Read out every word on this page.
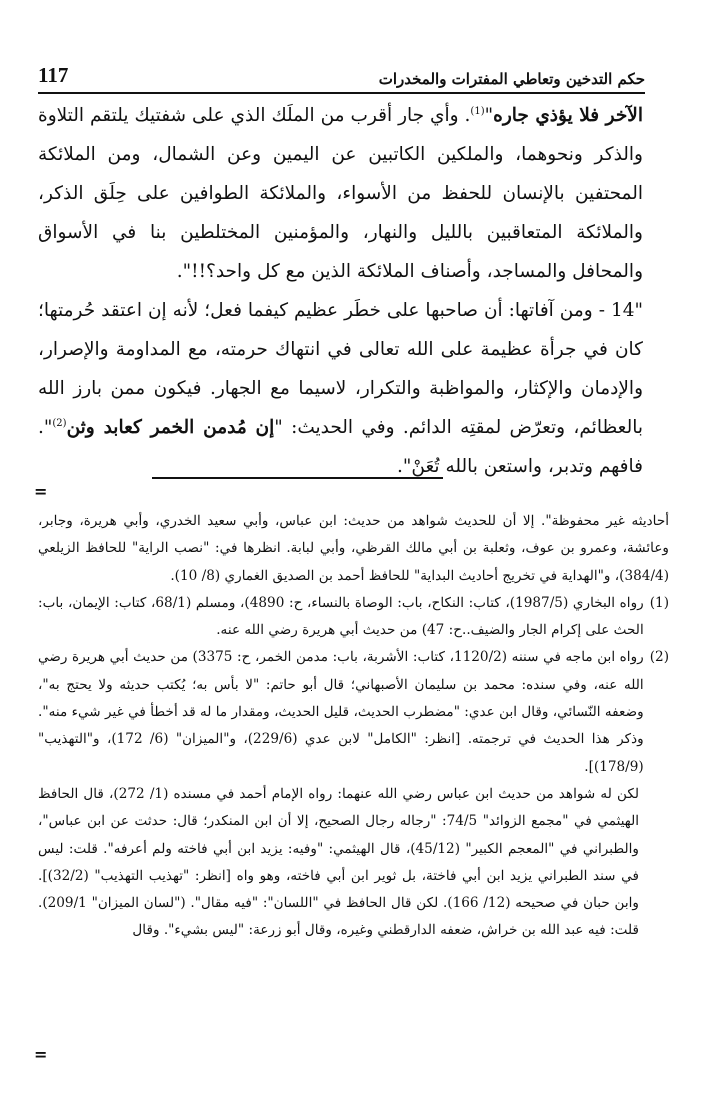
حكم التدخين وتعاطي المفترات والمخدرات
117

الآخر فلا يؤذي جاره"$^{(1)}$. وأي جار أقرب من الملَك الذي على شفتيك يلتقم التلاوة والذكر ونحوهما، والملكين الكاتبين عن اليمين وعن الشمال، ومن الملائكة المحتفين بالإنسان للحفظ من الأسواء، والملائكة الطوافين على حِلَق الذكر، والملائكة المتعاقبين بالليل والنهار، والمؤمنين المختلطين بنا في الأسواق والمحافل والمساجد، وأصناف الملائكة الذين مع كل واحد؟!!".

"14 - ومن آفاتها: أن صاحبها على خطَر عظيم كيفما فعل؛ لأنه إن اعتقد حُرمتها؛ كان في جرأة عظيمة على الله تعالى في انتهاك حرمته، مع المداومة والإصرار، والإدمان والإكثار، والمواظبة والتكرار، لاسيما مع الجهار. فيكون ممن بارز الله بالعظائم، وتعرّض لمقتِه الدائم. وفي الحديث: "إن مُدمن الخمر كعابد وثن$^{(2)}$". فافهم وتدبر، واستعن بالله تُعَنْ".

=

أحاديثه غير محفوظة". إلا أن للحديث شواهد من حديث: ابن عباس، وأبي سعيد الخدري، وأبي هريرة، وجابر، وعائشة، وعمرو بن عوف، وثعلبة بن أبي مالك القرظي، وأبي لبابة. انظرها في: "نصب الراية" للحافظ الزيلعي (384/4)، و"الهداية في تخريج أحاديث البداية" للحافظ أحمد بن الصديق الغماري (8/ 10).

(1)
رواه البخاري (1987/5)، كتاب: النكاح، باب: الوصاة بالنساء، ح: 4890)، ومسلم (68/1، كتاب: الإيمان، باب: الحث على إكرام الجار والضيف..ح: 47) من حديث أبي هريرة رضي الله عنه.
(2)
رواه ابن ماجه في سننه (1120/2، كتاب: الأشربة، باب: مدمن الخمر، ح: 3375) من حديث أبي هريرة رضي الله عنه، وفي سنده: محمد بن سليمان الأصبهاني؛ قال أبو حاتم: "لا بأس به؛ يُكتب حديثه ولا يحتج به"، وضعفه النّسائي، وقال ابن عدي: "مضطرب الحديث، قليل الحديث، ومقدار ما له قد أخطأ في غير شيء منه". وذكر هذا الحديث في ترجمته. [انظر: "الكامل" لابن عدي (229/6)، و"الميزان" (6/ 172)، و"التهذيب" (178/9)].

لكن له شواهد من حديث ابن عباس رضي الله عنهما: رواه الإمام أحمد في مسنده (1/ 272)، قال الحافظ الهيثمي في "مجمع الزوائد" 74/5: "رجاله رجال الصحيح، إلا أن ابن المنكدر؛ قال: حدثت عن ابن عباس"، والطبراني في "المعجم الكبير" (45/12)، قال الهيثمي: "وفيه: يزيد ابن أبي فاخته ولم أعرفه". قلت: ليس في سند الطبراني يزيد ابن أبي فاختة، بل ثوير ابن أبي فاخته، وهو واه [انظر: "تهذيب التهذيب" (32/2)]. وابن حبان في صحيحه (12/ 166). لكن قال الحافظ في "اللسان": "فيه مقال". ("لسان الميزان" 209/1). قلت: فيه عبد الله بن خراش، ضعفه الدارقطني وغيره، وقال أبو زرعة: "ليس بشيء". وقال

=
